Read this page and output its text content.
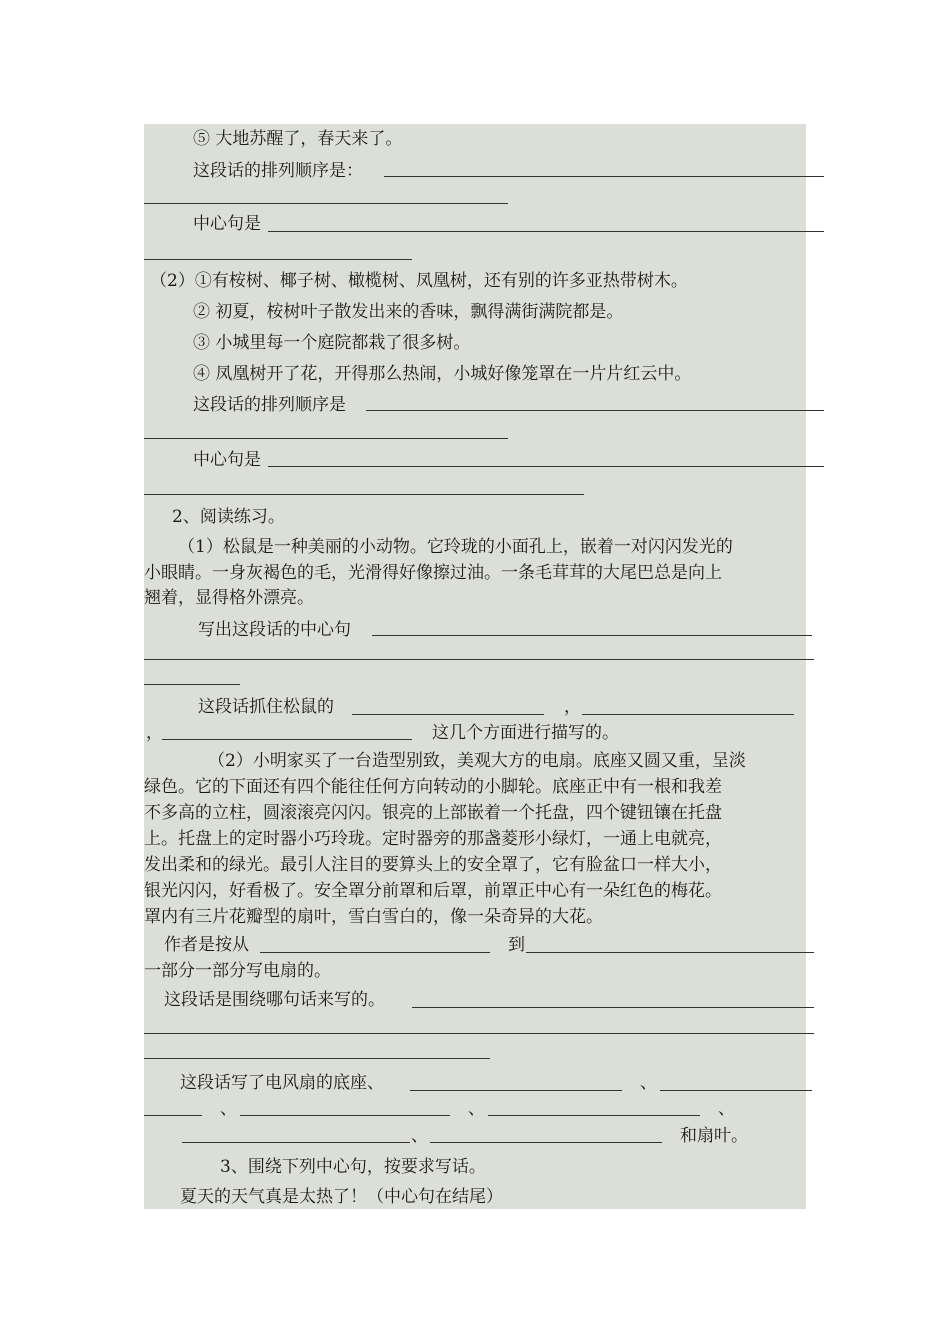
⑤ 大地苏醒了，春天来了。
这段话的排列顺序是：
中心句是
（2）①有桉树、椰子树、橄榄树、凤凰树，还有别的许多亚热带树木。
② 初夏，桉树叶子散发出来的香味，飘得满街满院都是。
③ 小城里每一个庭院都栽了很多树。
④ 凤凰树开了花，开得那么热闹，小城好像笼罩在一片片红云中。
这段话的排列顺序是
中心句是
2、阅读练习。
（1）松鼠是一种美丽的小动物。它玲珑的小面孔上，嵌着一对闪闪发光的
小眼睛。一身灰褐色的毛，光滑得好像擦过油。一条毛茸茸的大尾巴总是向上
翘着，显得格外漂亮。
写出这段话的中心句
这段话抓住松鼠的	，
，	这几个方面进行描写的。
（2）小明家买了一台造型别致，美观大方的电扇。底座又圆又重，呈淡
绿色。它的下面还有四个能往任何方向转动的小脚轮。底座正中有一根和我差
不多高的立柱，圆滚滚亮闪闪。银亮的上部嵌着一个托盘，四个键钮镶在托盘
上。托盘上的定时器小巧玲珑。定时器旁的那盏菱形小绿灯，一通上电就亮，
发出柔和的绿光。最引人注目的要算头上的安全罩了，它有脸盆口一样大小，
银光闪闪，好看极了。安全罩分前罩和后罩，前罩正中心有一朵红色的梅花。
罩内有三片花瓣型的扇叶，雪白雪白的，像一朵奇异的大花。
作者是按从	到
一部分一部分写电扇的。
这段话是围绕哪句话来写的。
这段话写了电风扇的底座、	、
、	、	、
、	和扇叶。
3、围绕下列中心句，按要求写话。
夏天的天气真是太热了！（中心句在结尾）
